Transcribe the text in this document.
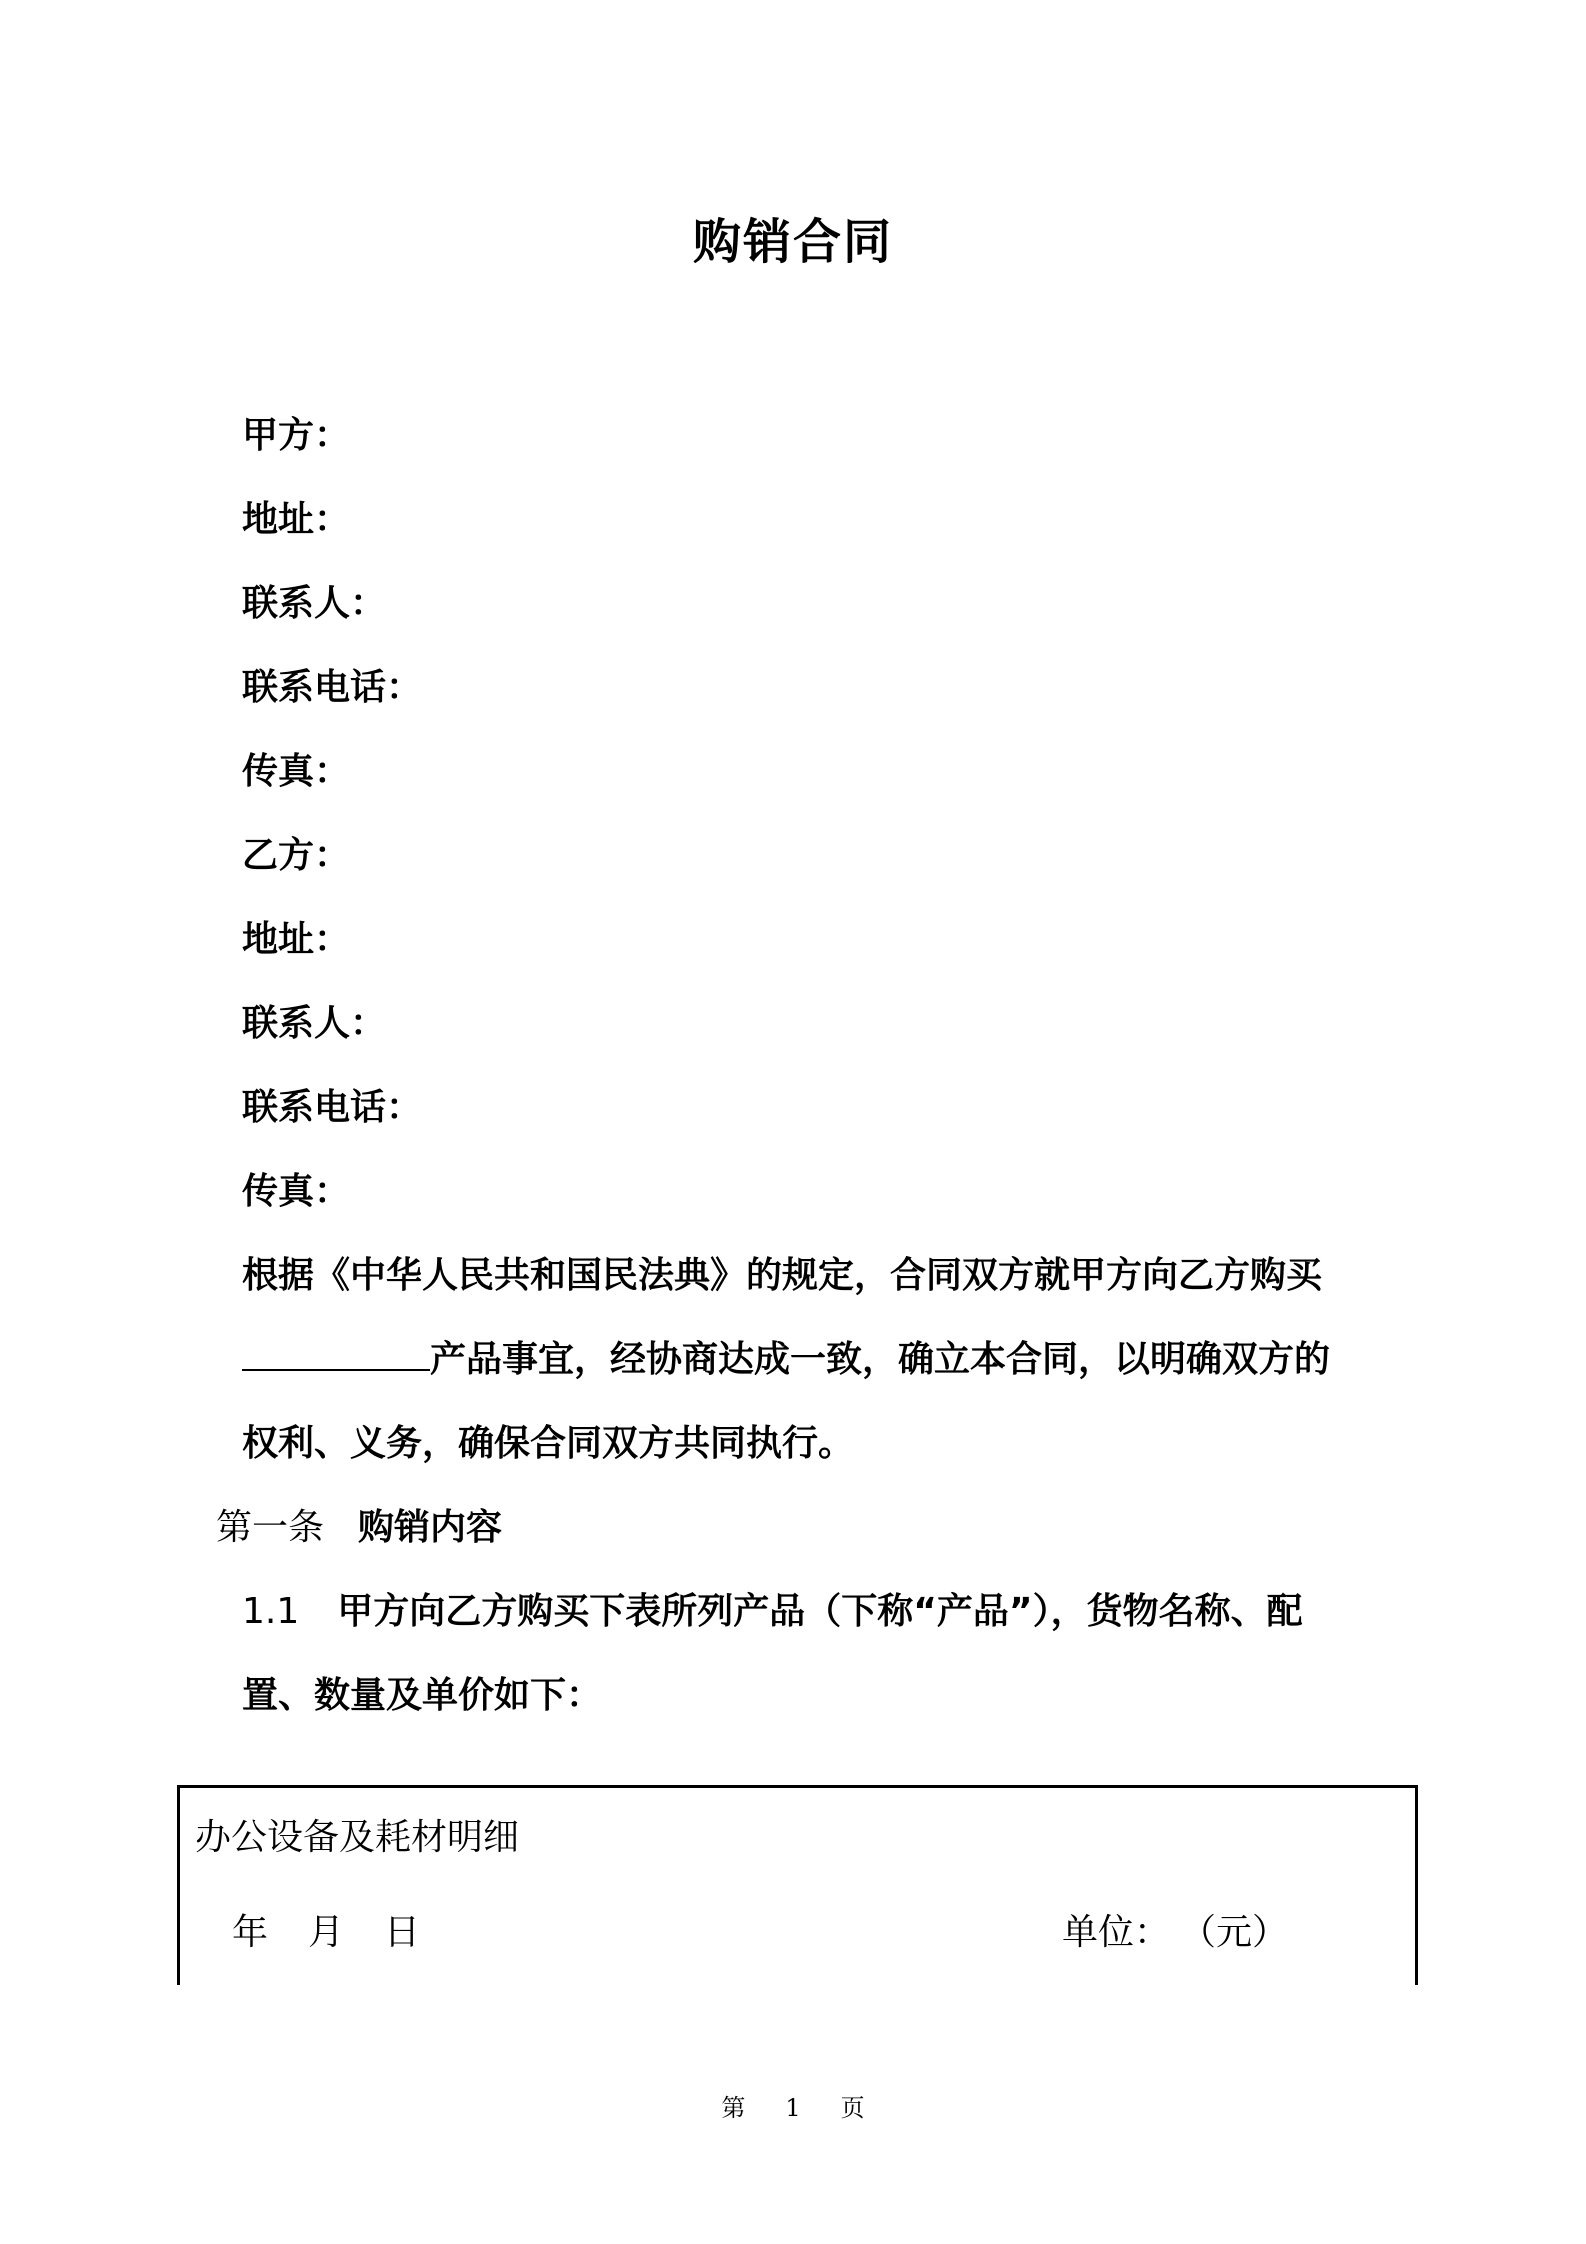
购销合同
甲方：
地址：
联系人：
联系电话：
传真：
乙方：
地址：
联系人：
联系电话：
传真：
根据《中华人民共和国民法典》的规定，合同双方就甲方向乙方购买
产品事宜，经协商达成一致，确立本合同，以明确双方的
权利、义务，确保合同双方共同执行。
第一条 购销内容
1.1 甲方向乙方购买下表所列产品（下称“产品”），货物名称、配
置、数量及单价如下：
办公设备及耗材明细
年 月 日	单位： （元）
第 1 页
